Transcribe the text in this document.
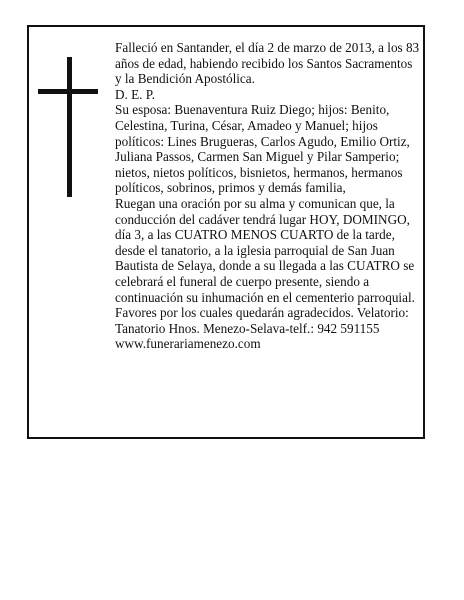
Falleció en Santander, el día 2 de marzo de 2013, a los 83 años de edad, habiendo recibido los Santos Sacramentos y la Bendición Apostólica.

D. E. P.

Su esposa: Buenaventura Ruiz Diego; hijos: Benito, Celestina, Turina, César, Amadeo y Manuel; hijos políticos: Lines Brugueras, Carlos Agudo, Emilio Ortiz, Juliana Passos, Carmen San Miguel y Pilar Samperio; nietos, nietos políticos, bisnietos, hermanos, hermanos políticos, sobrinos, primos y demás familia,

Ruegan una oración por su alma y comunican que, la conducción del cadáver tendrá lugar HOY, DOMINGO, día 3, a las CUATRO MENOS CUARTO de la tarde, desde el tanatorio, a la iglesia parroquial de San Juan Bautista de Selaya, donde a su llegada a las CUATRO se celebrará el funeral de cuerpo presente, siendo a continuación su inhumación en el cementerio parroquial. Favores por los cuales quedarán agradecidos. Velatorio: Tanatorio Hnos. Menezo-Selava-telf.: 942 591155

www.funerariamenezo.com
